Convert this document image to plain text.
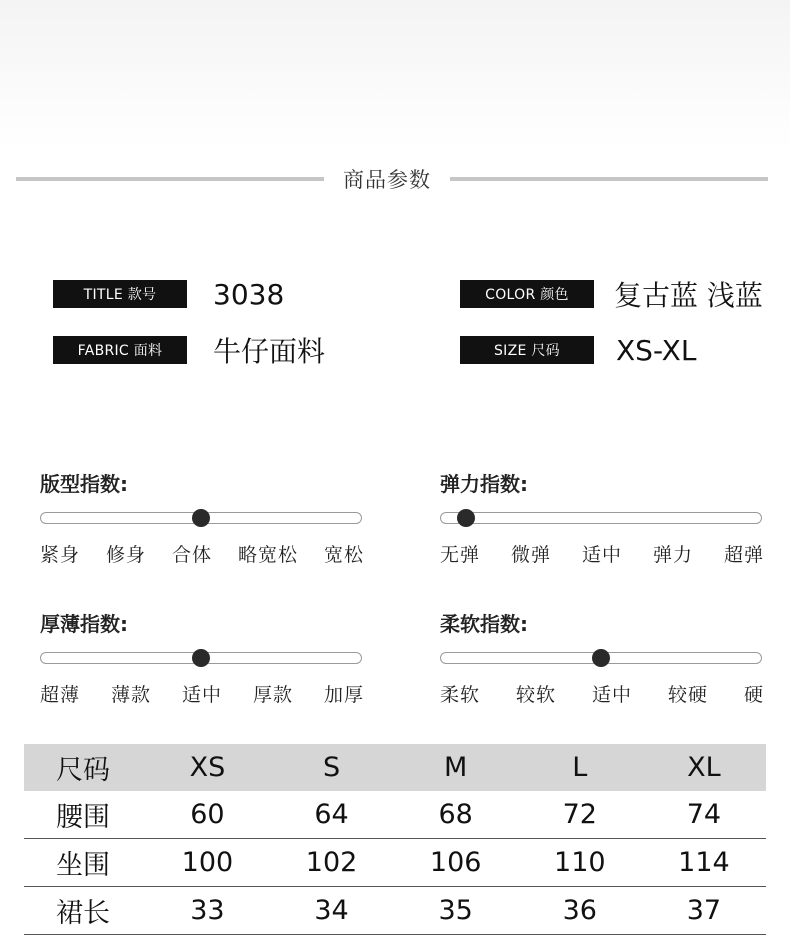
商品参数
TITLE 款号	3038
FABRIC 面料	牛仔面料
COLOR 颜色	复古蓝 浅蓝
SIZE 尺码	XS-XL
版型指数:
紧身 修身 合体 略宽松 宽松
弹力指数:
无弹 微弹 适中 弹力 超弹
厚薄指数:
超薄 薄款 适中 厚款 加厚
柔软指数:
柔软 较软 适中 较硬 硬
尺码	XS	S	M	L	XL
腰围	60	64	68	72	74
坐围	100	102	106	110	114
裙长	33	34	35	36	37
